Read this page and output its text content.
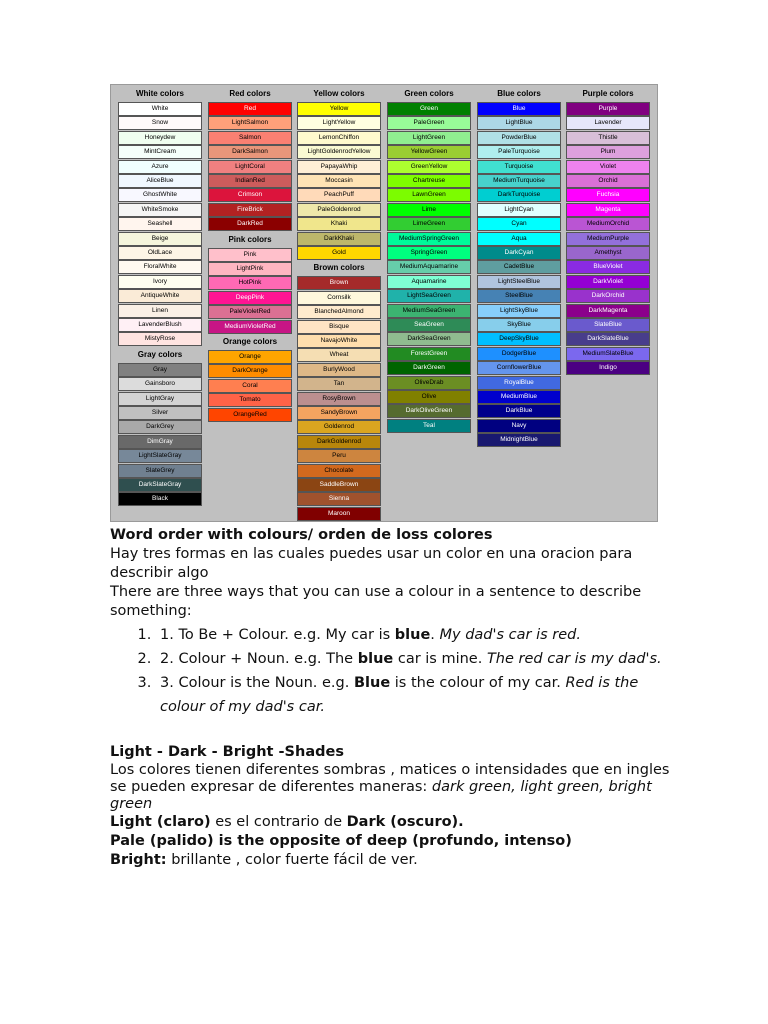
White colors
White
Snow
Honeydew
MintCream
Azure
AliceBlue
GhostWhite
WhiteSmoke
Seashell
Beige
OldLace
FloralWhite
Ivory
AntiqueWhite
Linen
LavenderBlush
MistyRose
Gray colors
Gray
Gainsboro
LightGray
Silver
DarkGrey
DimGray
LightSlateGray
SlateGrey
DarkSlateGray
Black
Red colors
Red
LightSalmon
Salmon
DarkSalmon
LightCoral
IndianRed
Crimson
FireBrick
DarkRed
Pink colors
Pink
LightPink
HotPink
DeepPink
PaleVioletRed
MediumVioletRed
Orange colors
Orange
DarkOrange
Coral
Tomato
OrangeRed
Yellow colors
Yellow
LightYellow
LemonChiffon
LightGoldenrodYellow
PapayaWhip
Moccasin
PeachPuff
PaleGoldenrod
Khaki
DarkKhaki
Gold
Brown colors
Brown
Cornsilk
BlanchedAlmond
Bisque
NavajoWhite
Wheat
BurlyWood
Tan
RosyBrown
SandyBrown
Goldenrod
DarkGoldenrod
Peru
Chocolate
SaddleBrown
Sienna
Maroon
Green colors
Green
PaleGreen
LightGreen
YellowGreen
GreenYellow
Chartreuse
LawnGreen
Lime
LimeGreen
MediumSpringGreen
SpringGreen
MediumAquamarine
Aquamarine
LightSeaGreen
MediumSeaGreen
SeaGreen
DarkSeaGreen
ForestGreen
DarkGreen
OliveDrab
Olive
DarkOliveGreen
Teal
Blue colors
Blue
LightBlue
PowderBlue
PaleTurquoise
Turquoise
MediumTurquoise
DarkTurquoise
LightCyan
Cyan
Aqua
DarkCyan
CadetBlue
LightSteelBlue
SteelBlue
LightSkyBlue
SkyBlue
DeepSkyBlue
DodgerBlue
CornflowerBlue
RoyalBlue
MediumBlue
DarkBlue
Navy
MidnightBlue
Purple colors
Purple
Lavender
Thistle
Plum
Violet
Orchid
Fuchsia
Magenta
MediumOrchid
MediumPurple
Amethyst
BlueViolet
DarkViolet
DarkOrchid
DarkMagenta
SlateBlue
DarkSlateBlue
MediumSlateBlue
Indigo

Word order with colours/ orden de loss colores

Hay tres formas en las cuales puedes usar un color en una oracion para describir algo

There are three ways that you can use a colour in a sentence to describe something:

1. 1. To Be + Colour. e.g. My car is blue. My dad's car is red.
2. 2. Colour + Noun. e.g. The blue car is mine. The red car is my dad's.
3. 3. Colour is the Noun. e.g. Blue is the colour of my car. Red is the colour of my dad's car.

Light - Dark - Bright -Shades

Los colores tienen diferentes sombras , matices o intensidades que en ingles se pueden expresar de diferentes maneras: dark green, light green, bright green

Light (claro) es el contrario de Dark (oscuro).

Pale (palido) is the opposite of deep (profundo, intenso)

Bright: brillante , color fuerte fácil de ver.
